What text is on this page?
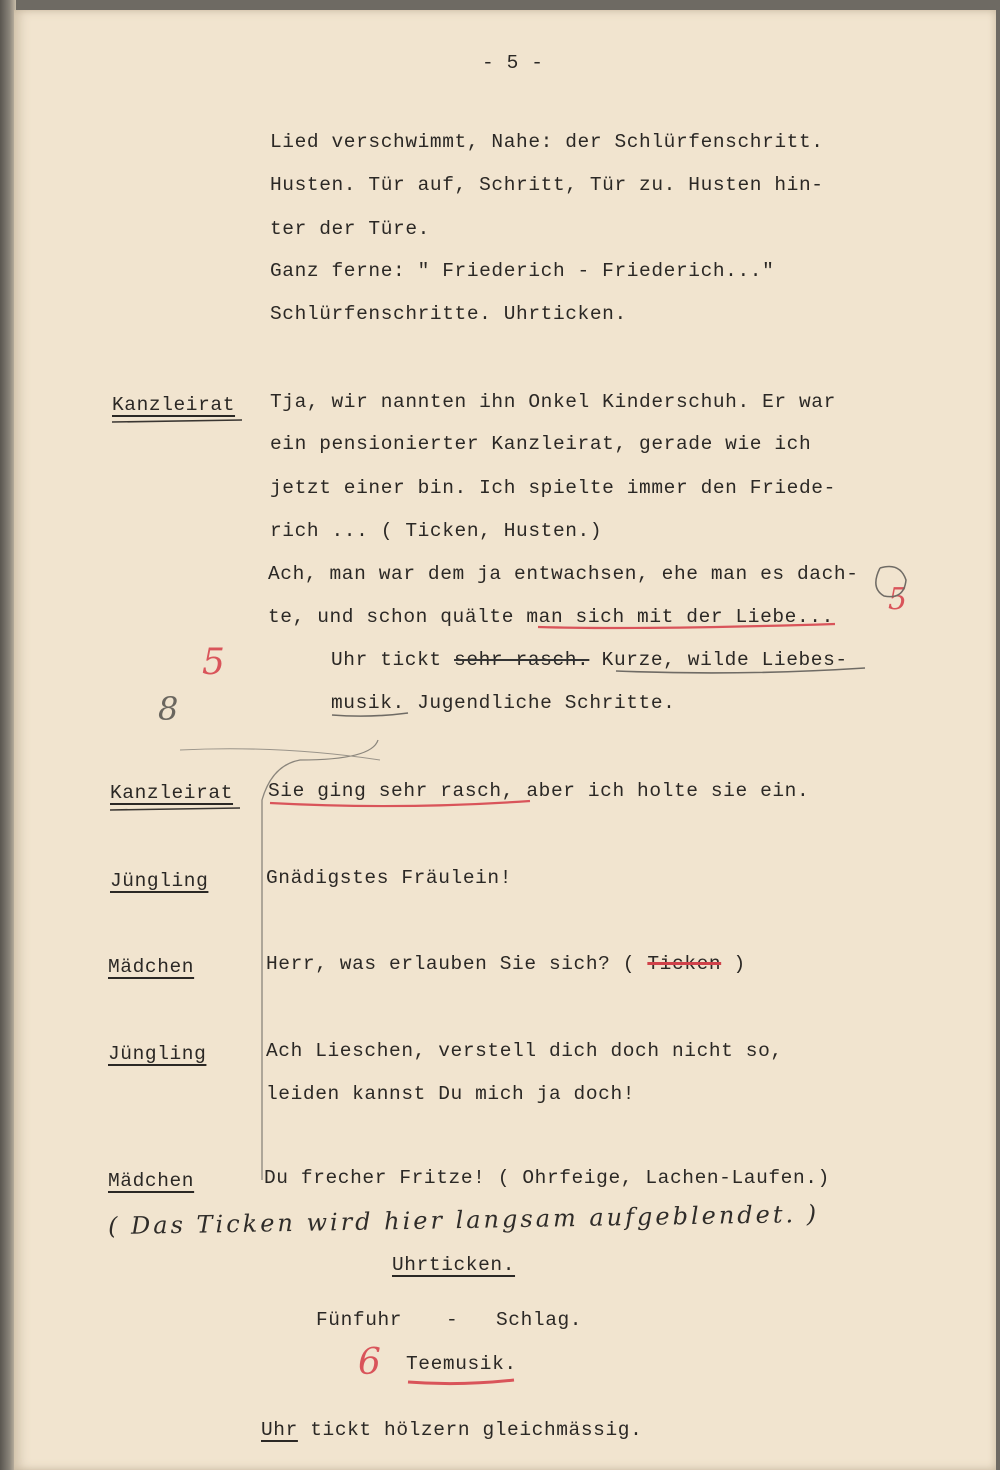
- 5 -

Lied verschwimmt, Nahe: der Schlürfenschritt.

Husten. Tür auf, Schritt, Tür zu. Husten hin-

ter der Türe.

Ganz ferne: " Friederich - Friederich..."

Schlürfenschritte. Uhrticken.

Kanzleirat Tja, wir nannten ihn Onkel Kinderschuh. Er war

ein pensionierter Kanzleirat, gerade wie ich

jetzt einer bin. Ich spielte immer den Friede-

rich ... ( Ticken, Husten.)

Ach, man war dem ja entwachsen, ehe man es dach-

te, und schon quälte man sich mit der Liebe...

Uhr tickt sehr rasch. Kurze, wilde Liebes-

musik. Jugendliche Schritte.

Kanzleirat Sie ging sehr rasch, aber ich holte sie ein.

Jüngling	Gnädigstes Fräulein!

Mädchen	Herr, was erlauben Sie sich? ( Ticken )

Jüngling	Ach Lieschen, verstell dich doch nicht so,

leiden kannst Du mich ja doch!

Mädchen	Du frecher Fritze! ( Ohrfeige, Lachen-Laufen.)

( Das Ticken wird hier langsam aufgeblendet. )

Uhrticken.

Fünfuhr - Schlag.

Teemusik.

Uhr tickt hölzern gleichmässig.

5

5

8

6
